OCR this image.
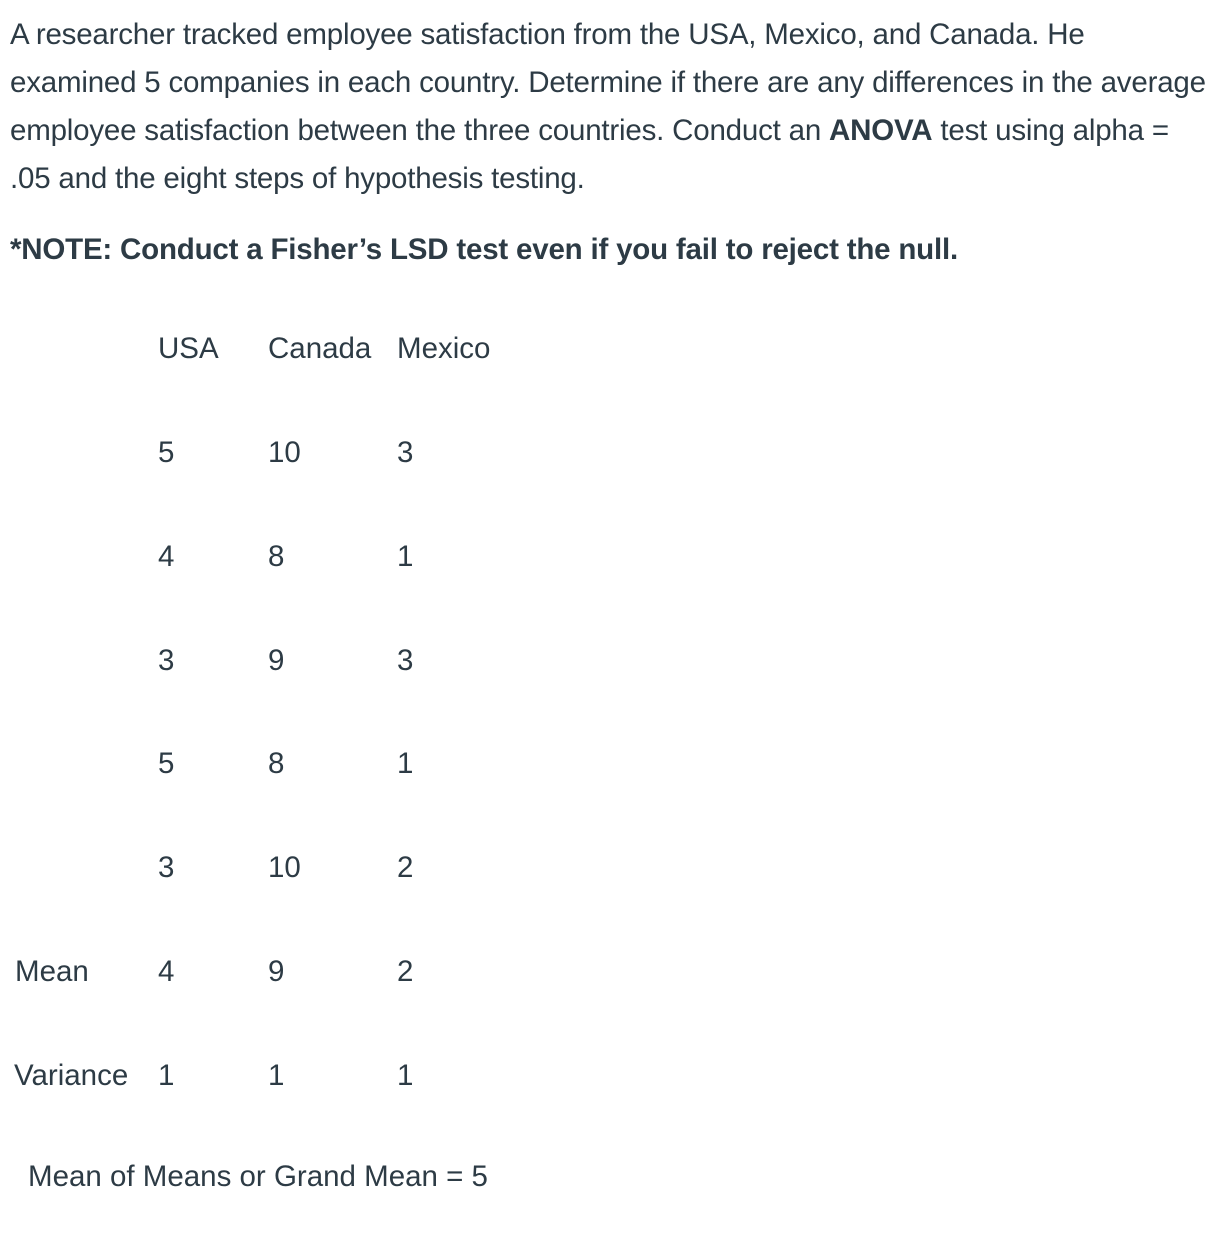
A researcher tracked employee satisfaction from the USA, Mexico, and Canada. He examined 5 companies in each country. Determine if there are any differences in the average employee satisfaction between the three countries. Conduct an ANOVA test using alpha = .05 and the eight steps of hypothesis testing.

*NOTE: Conduct a Fisher’s LSD test even if you fail to reject the null.

USA Canada Mexico
5	10	3
4	8	1
3	9	3
5	8	1
3	10	2
Mean 4	9	2
Variance 1	1	1
Mean of Means or Grand Mean = 5
